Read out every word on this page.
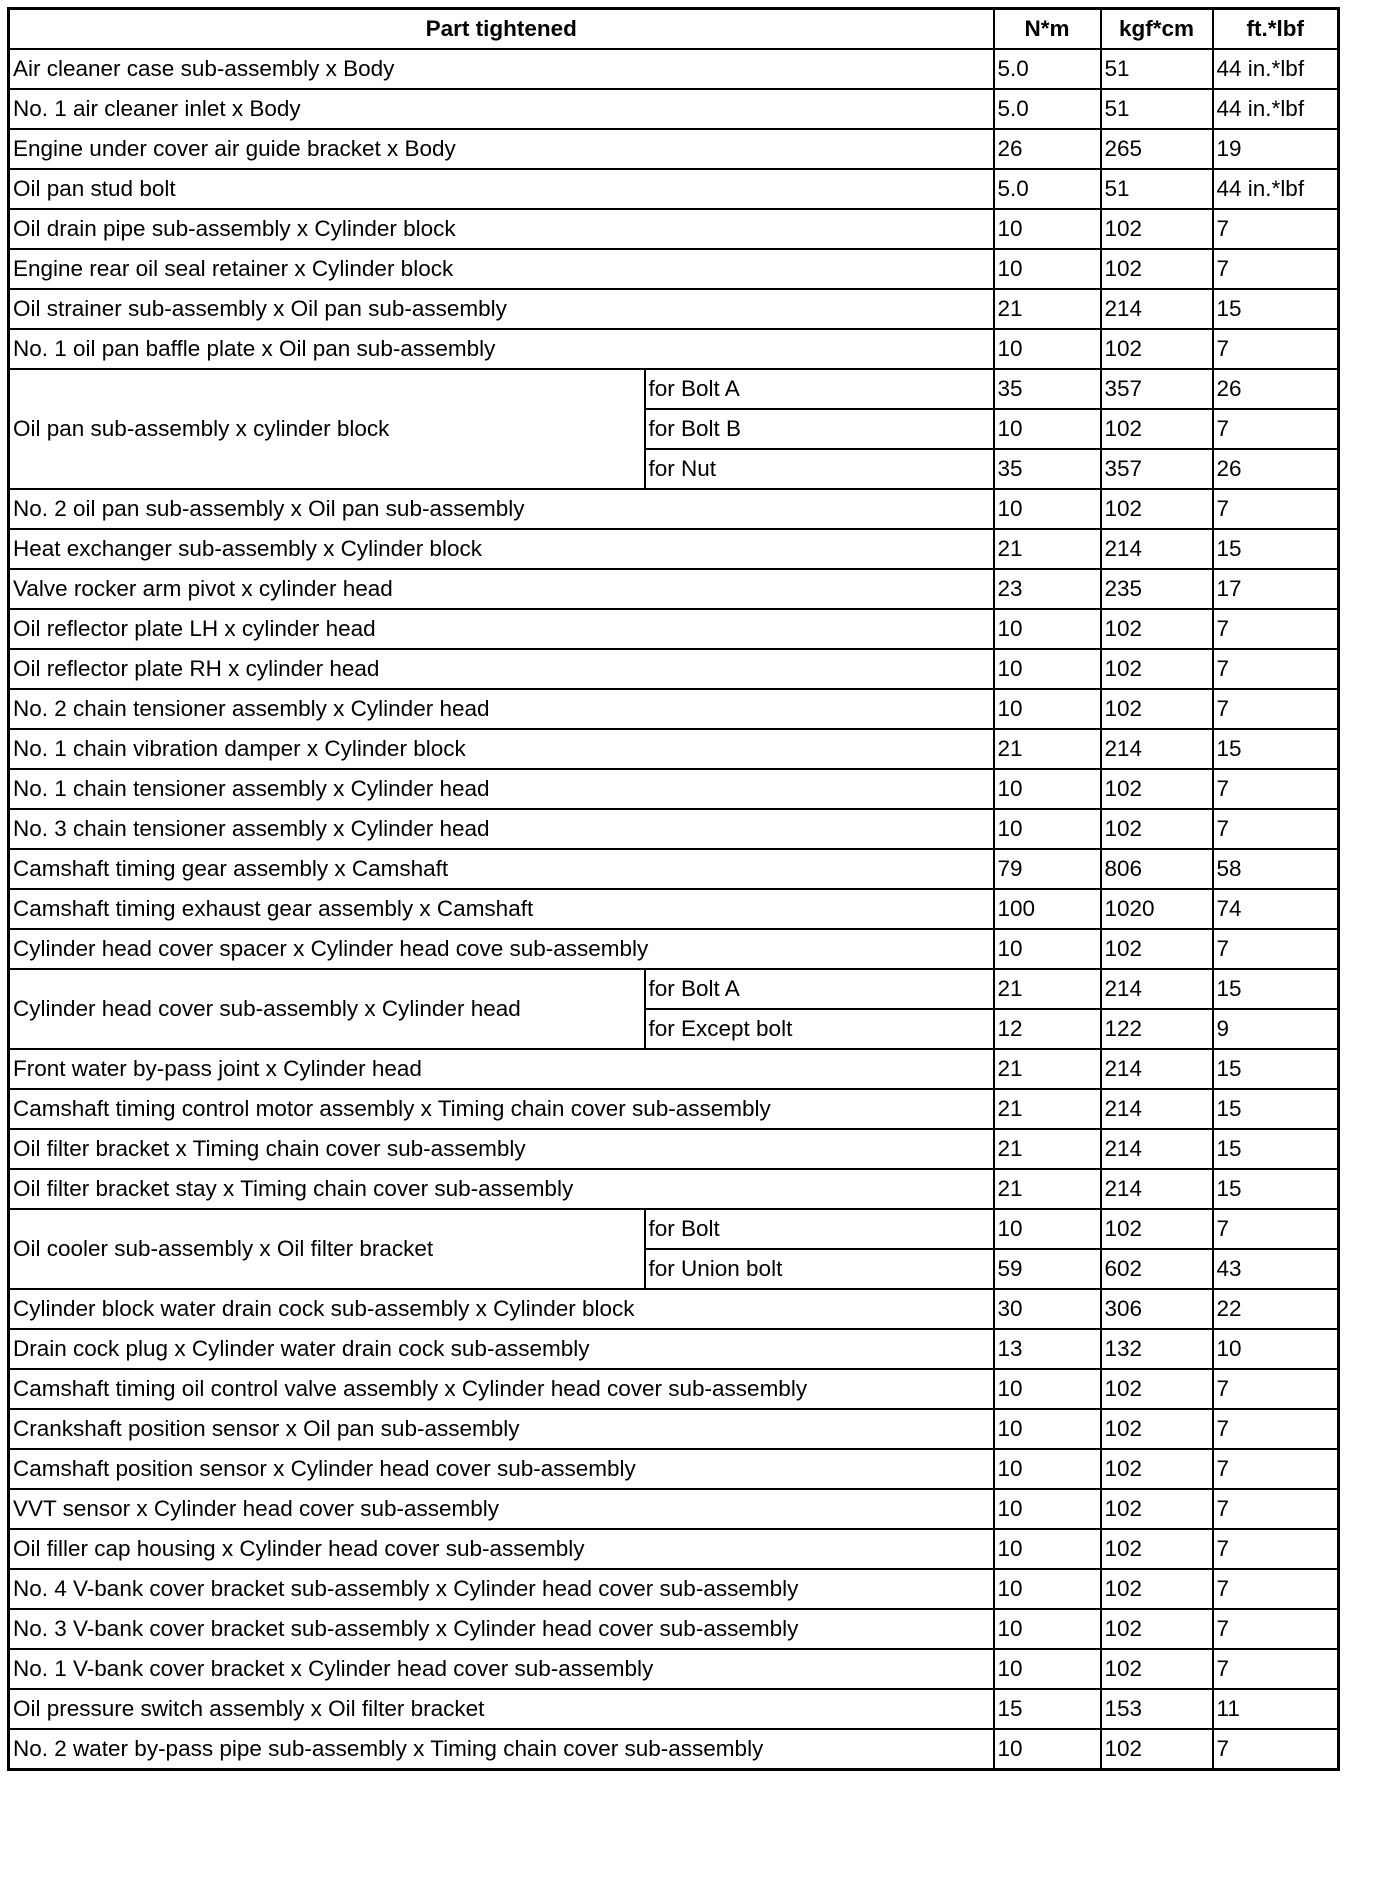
Part tightened		N*m	kgf*cm	ft.*lbf
Air cleaner case sub-assembly x Body		5.0	51	44 in.*lbf
No. 1 air cleaner inlet x Body		5.0	51	44 in.*lbf
Engine under cover air guide bracket x Body		26	265	19
Oil pan stud bolt		5.0	51	44 in.*lbf
Oil drain pipe sub-assembly x Cylinder block		10	102	7
Engine rear oil seal retainer x Cylinder block		10	102	7
Oil strainer sub-assembly x Oil pan sub-assembly		21	214	15
No. 1 oil pan baffle plate x Oil pan sub-assembly		10	102	7
Oil pan sub-assembly x cylinder block	for Bolt A	35	357	26
	for Bolt B	10	102	7
	for Nut	35	357	26
No. 2 oil pan sub-assembly x Oil pan sub-assembly		10	102	7
Heat exchanger sub-assembly x Cylinder block		21	214	15
Valve rocker arm pivot x cylinder head		23	235	17
Oil reflector plate LH x cylinder head		10	102	7
Oil reflector plate RH x cylinder head		10	102	7
No. 2 chain tensioner assembly x Cylinder head		10	102	7
No. 1 chain vibration damper x Cylinder block		21	214	15
No. 1 chain tensioner assembly x Cylinder head		10	102	7
No. 3 chain tensioner assembly x Cylinder head		10	102	7
Camshaft timing gear assembly x Camshaft		79	806	58
Camshaft timing exhaust gear assembly x Camshaft		100	1020	74
Cylinder head cover spacer x Cylinder head cove sub-assembly		10	102	7
Cylinder head cover sub-assembly x Cylinder head	for Bolt A	21	214	15
	for Except bolt	12	122	9
Front water by-pass joint x Cylinder head		21	214	15
Camshaft timing control motor assembly x Timing chain cover sub-assembly		21	214	15
Oil filter bracket x Timing chain cover sub-assembly		21	214	15
Oil filter bracket stay x Timing chain cover sub-assembly		21	214	15
Oil cooler sub-assembly x Oil filter bracket	for Bolt	10	102	7
	for Union bolt	59	602	43
Cylinder block water drain cock sub-assembly x Cylinder block		30	306	22
Drain cock plug x Cylinder water drain cock sub-assembly		13	132	10
Camshaft timing oil control valve assembly x Cylinder head cover sub-assembly		10	102	7
Crankshaft position sensor x Oil pan sub-assembly		10	102	7
Camshaft position sensor x Cylinder head cover sub-assembly		10	102	7
VVT sensor x Cylinder head cover sub-assembly		10	102	7
Oil filler cap housing x Cylinder head cover sub-assembly		10	102	7
No. 4 V-bank cover bracket sub-assembly x Cylinder head cover sub-assembly		10	102	7
No. 3 V-bank cover bracket sub-assembly x Cylinder head cover sub-assembly		10	102	7
No. 1 V-bank cover bracket x Cylinder head cover sub-assembly		10	102	7
Oil pressure switch assembly x Oil filter bracket		15	153	11
No. 2 water by-pass pipe sub-assembly x Timing chain cover sub-assembly		10	102	7
